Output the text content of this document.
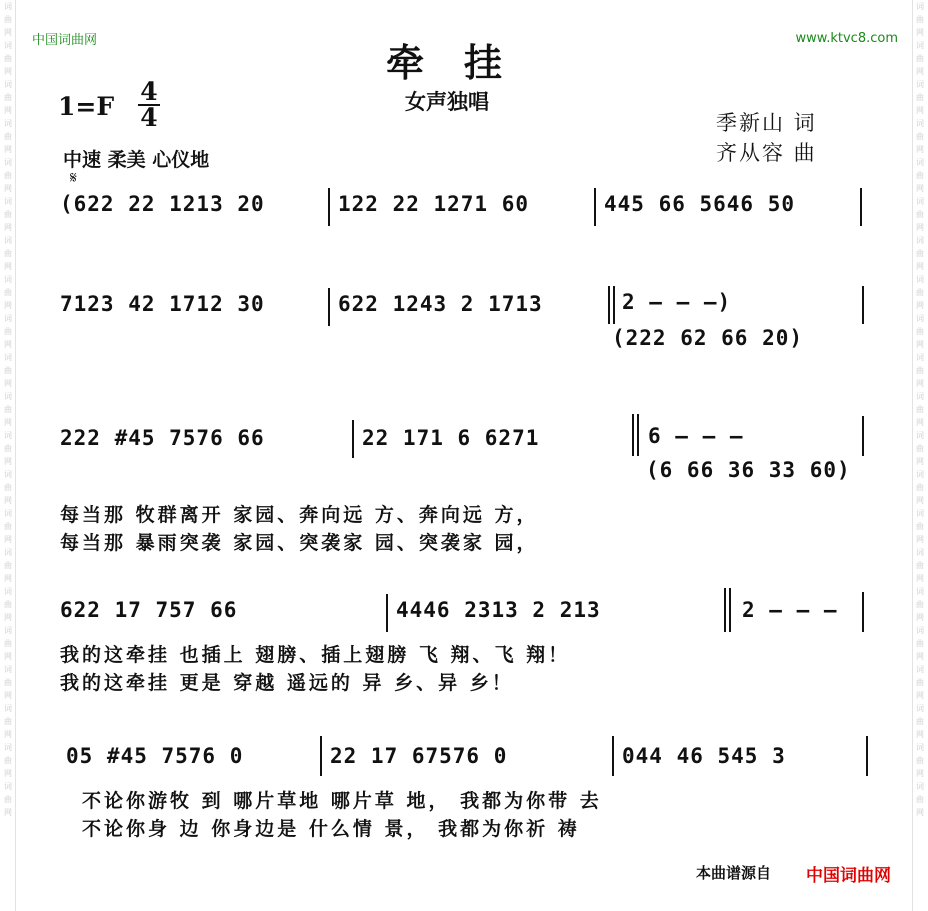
词曲网词曲网词曲网词曲网词曲网词曲网词曲网词曲网词曲网词曲网词曲网词曲网词曲网词曲网词曲网词曲网词曲网词曲网词曲网词曲网词曲网
词曲网词曲网词曲网词曲网词曲网词曲网词曲网词曲网词曲网词曲网词曲网词曲网词曲网词曲网词曲网词曲网词曲网词曲网词曲网词曲网词曲网
中国词曲网	www.ktvc8.com
牵挂
女声独唱
1=F
4
4	季新山 词
齐从容 曲
中速 柔美 心仪地
𝄋
(622 22 1213 20	122 22 1271 60	445 66 5646 50
7123 42 1712 30	622 1243 2 1713	2 – – –)
(222 62 66 20)
222 #45 7576 66	22 171 6 6271	6 – – –
(6 66 36 33 60)
每当那 牧群离开 家园、奔向远 方、奔向远 方，
每当那 暴雨突袭 家园、突袭家 园、突袭家 园，
622 17 757 66	4446 2313 2 213	2 – – –
我的这牵挂 也插上 翅膀、插上翅膀 飞 翔、飞 翔！
我的这牵挂 更是 穿越 遥远的 异 乡、异 乡！
05 #45 7576 0	22 17 67576 0	044 46 545 3
不论你游牧 到 哪片草地 哪片草 地， 我都为你带 去
不论你身 边 你身边是 什么情 景， 我都为你祈 祷
本曲谱源自 中国词曲网
